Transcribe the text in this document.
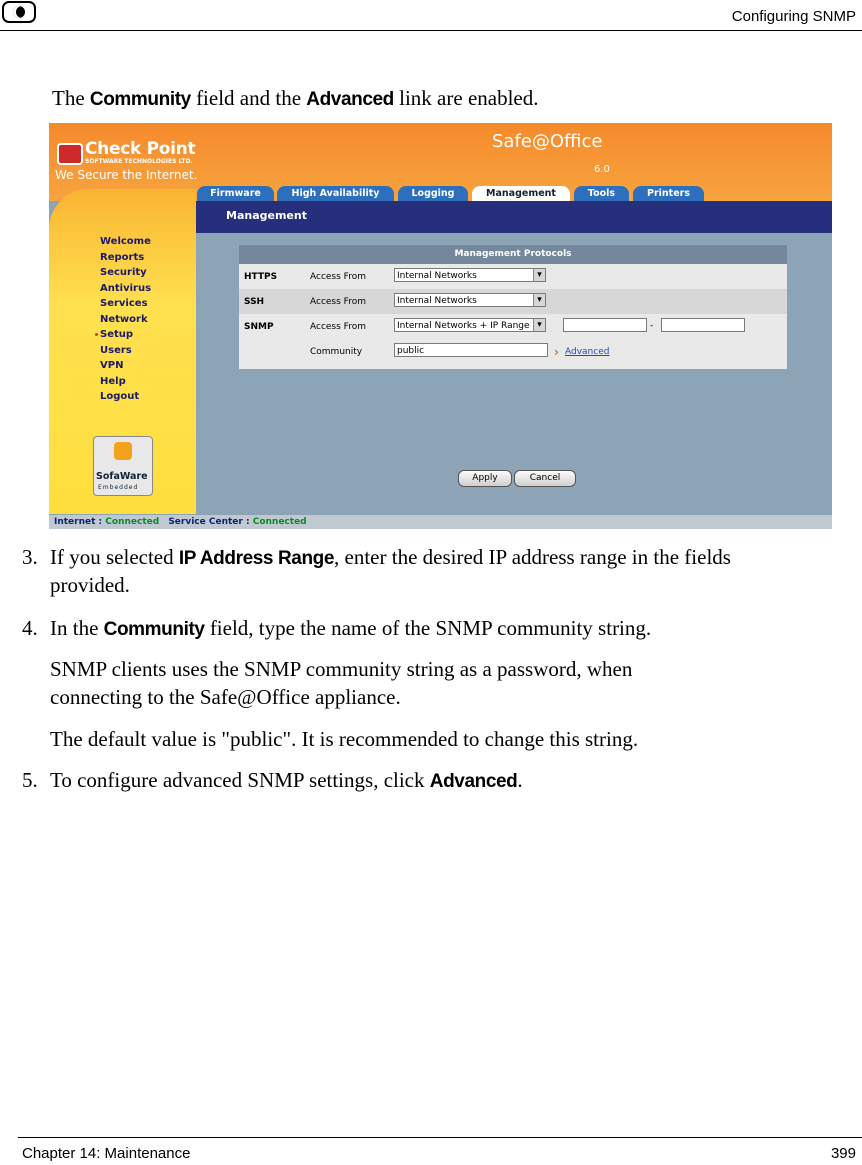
Configuring SNMP
The Community field and the Advanced link are enabled.
Check Point
SOFTWARE TECHNOLOGIES LTD.
We Secure the Internet.
Safe@Office
6.0
Firmware	High Availability	Logging	Management	Tools	Printers
Management
Welcome
Reports
Security
Antivirus
Services
Network
Setup
Users
VPN
Help
Logout
SofaWare
Embedded
Management Protocols
HTTPS	Access From	Internal Networks ▾
SSH	Access From	Internal Networks ▾
SNMP	Access From	Internal Networks + IP Range ▾	-
Community	public
›	Advanced
Apply	Cancel
Internet : Connected Service Center : Connected
3. If you selected IP Address Range, enter the desired IP address range in the fields
provided.
4. In the Community field, type the name of the SNMP community string.
SNMP clients uses the SNMP community string as a password, when
connecting to the Safe@Office appliance.
The default value is "public". It is recommended to change this string.
5. To configure advanced SNMP settings, click Advanced.
Chapter 14: Maintenance	399
